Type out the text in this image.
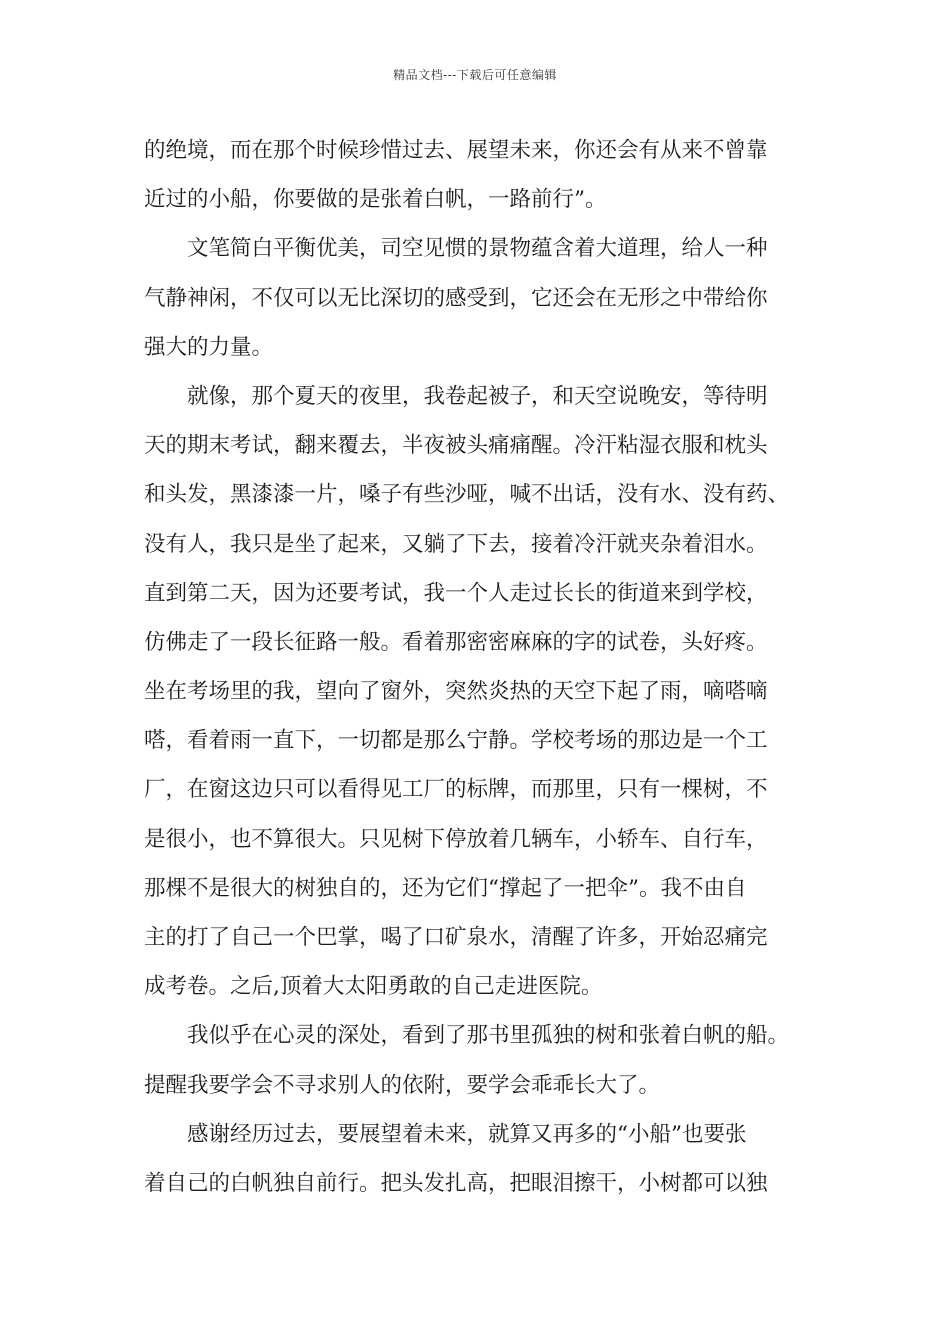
精品文档---下载后可任意编辑
的绝境，而在那个时候珍惜过去、展望未来，你还会有从来不曾靠
近过的小船，你要做的是张着白帆，一路前行”。
　　文笔简白平衡优美，司空见惯的景物蕴含着大道理，给人一种
气静神闲，不仅可以无比深切的感受到，它还会在无形之中带给你
强大的力量。
　　就像，那个夏天的夜里，我卷起被子，和天空说晚安，等待明
天的期末考试，翻来覆去，半夜被头痛痛醒。冷汗粘湿衣服和枕头
和头发，黑漆漆一片，嗓子有些沙哑，喊不出话，没有水、没有药、
没有人，我只是坐了起来，又躺了下去，接着冷汗就夹杂着泪水。
直到第二天，因为还要考试，我一个人走过长长的街道来到学校，
仿佛走了一段长征路一般。看着那密密麻麻的字的试卷，头好疼。
坐在考场里的我，望向了窗外，突然炎热的天空下起了雨，嘀嗒嘀
嗒，看着雨一直下，一切都是那么宁静。学校考场的那边是一个工
厂，在窗这边只可以看得见工厂的标牌，而那里，只有一棵树，不
是很小，也不算很大。只见树下停放着几辆车，小轿车、自行车，
那棵不是很大的树独自的，还为它们“撑起了一把伞”。我不由自
主的打了自己一个巴掌，喝了口矿泉水，清醒了许多，开始忍痛完
成考卷。之后,顶着大太阳勇敢的自己走进医院。
　　我似乎在心灵的深处，看到了那书里孤独的树和张着白帆的船。
提醒我要学会不寻求别人的依附，要学会乖乖长大了。
　　感谢经历过去，要展望着未来，就算又再多的“小船”也要张
着自己的白帆独自前行。把头发扎高，把眼泪擦干，小树都可以独
